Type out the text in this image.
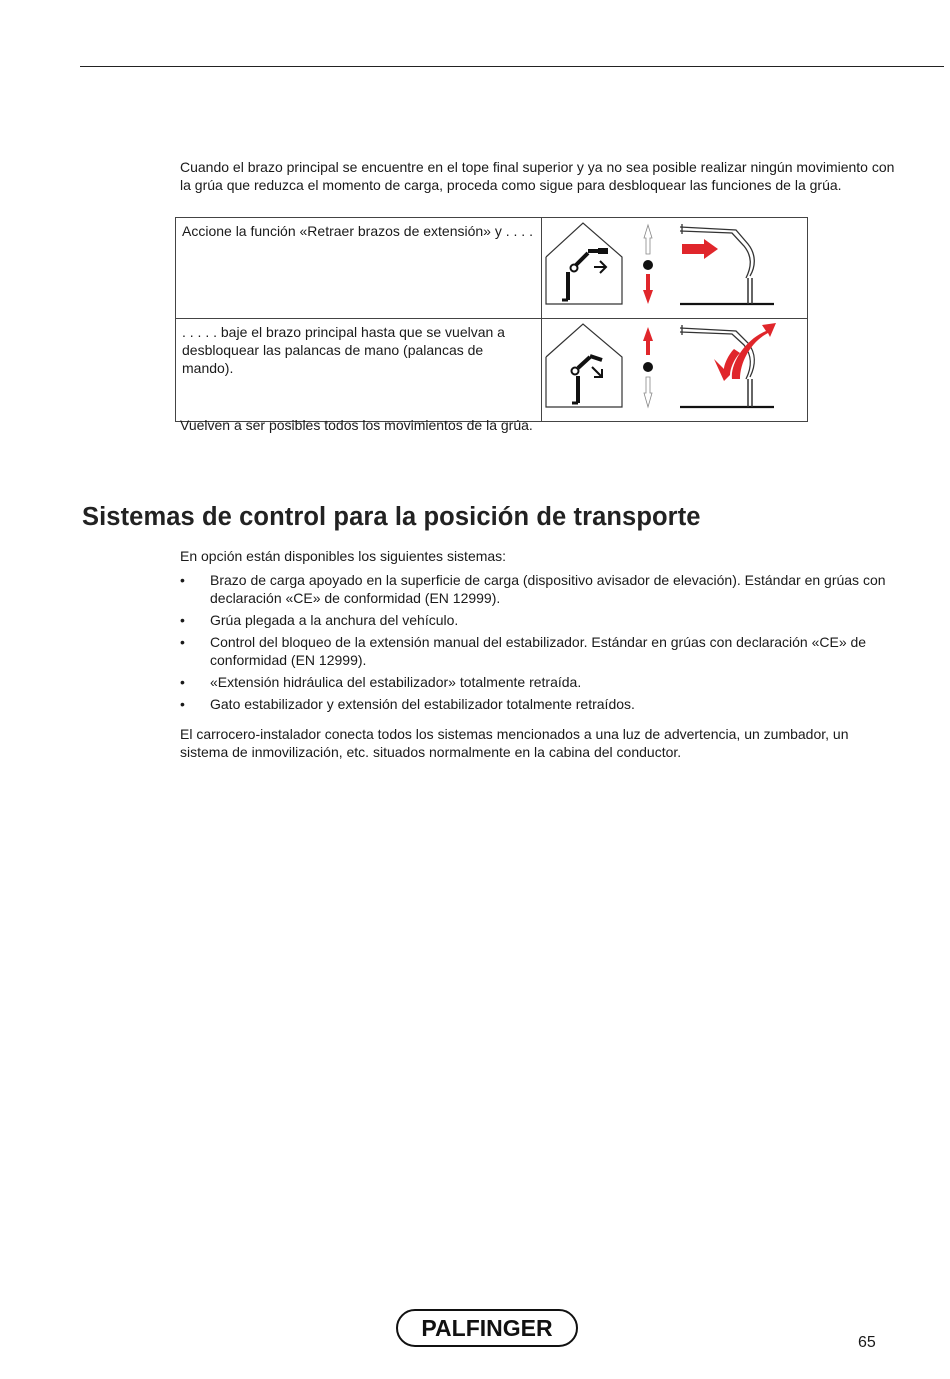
Cuando el brazo principal se encuentre en el tope final superior y ya no sea posible realizar ningún movimiento con la grúa que reduzca el momento de carga, proceda como sigue para desbloquear las funciones de la grúa.

Accione la función «Retraer brazos de extensión» y . . . .	
. . . . . baje el brazo principal hasta que se vuelvan a desbloquear las palancas de mano (palancas de mando).	

Vuelven a ser posibles todos los movimientos de la grúa.

Sistemas de control para la posición de transporte

En opción están disponibles los siguientes sistemas:

• Brazo de carga apoyado en la superficie de carga (dispositivo avisador de elevación). Estándar en grúas con declaración «CE» de conformidad (EN 12999).
• Grúa plegada a la anchura del vehículo.
• Control del bloqueo de la extensión manual del estabilizador. Estándar en grúas con declaración «CE» de conformidad (EN 12999).
• «Extensión hidráulica del estabilizador» totalmente retraída.
• Gato estabilizador y extensión del estabilizador totalmente retraídos.

El carrocero-instalador conecta todos los sistemas mencionados a una luz de advertencia, un zumbador, un sistema de inmovilización, etc. situados normalmente en la cabina del conductor.

PALFINGER
65
